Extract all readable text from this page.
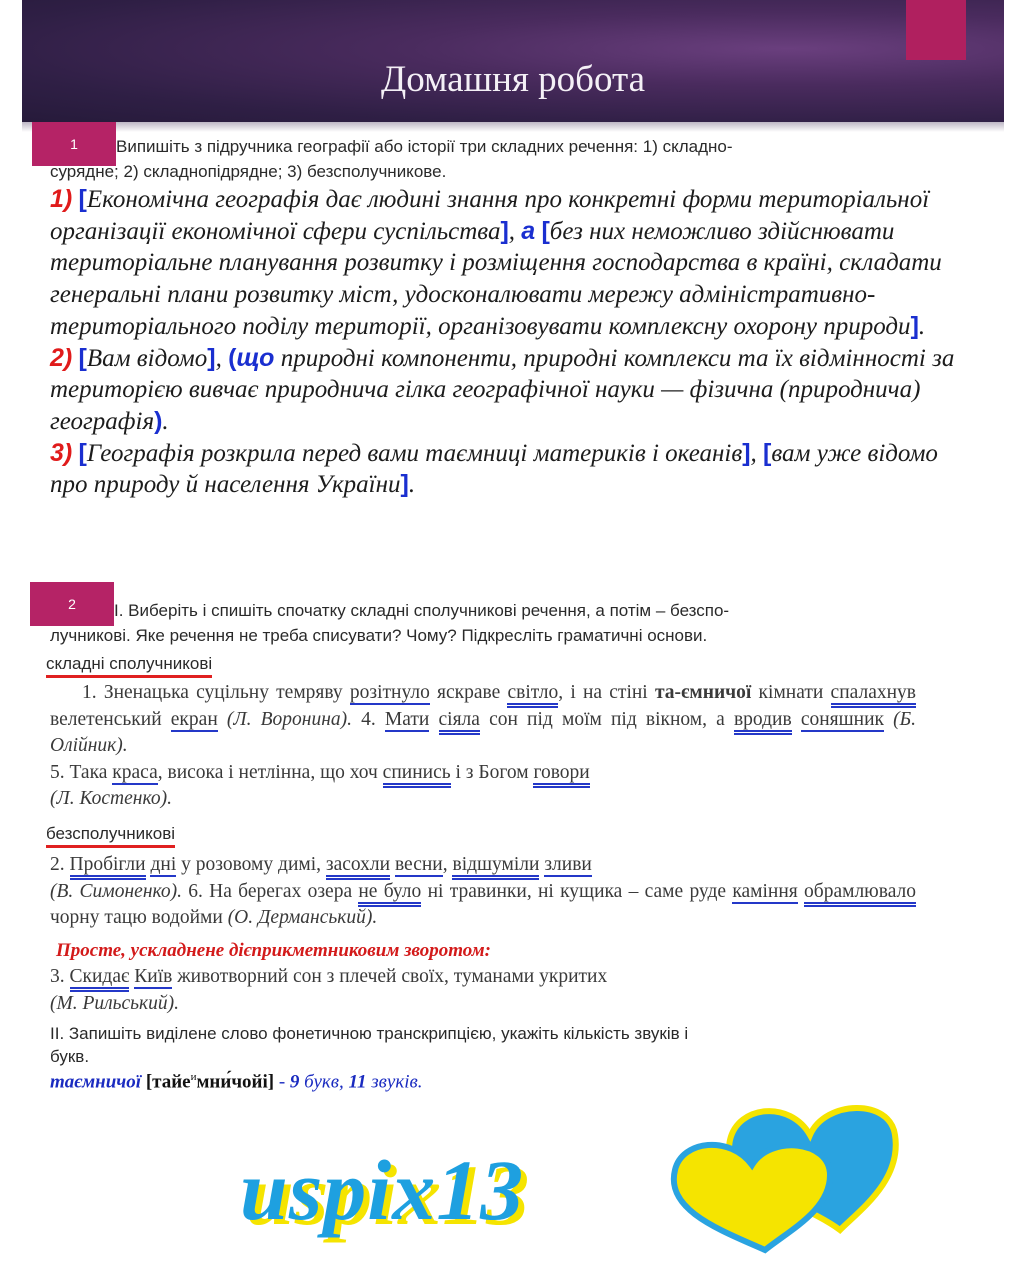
Домашня робота
1	Випишіть з підручника географії або історії три складних речення: 1) складно-
сурядне; 2) складнопідрядне; 3) безсполучникове.
1) [Економічна географія дає людині знання про конкретні форми територіальної організації економічної сфери суспільства], а [без них неможливо здійснювати територіальне планування розвитку і розміщення господарства в країні, складати генеральні плани розвитку міст, удосконалювати мережу адміністративно-територіального поділу території, організовувати комплексну охорону природи].
2) [Вам відомо], (що природні компоненти, природні комплекси та їх відмінності за територією вивчає природнича гілка географічної науки — фізична (природнича) географія).
3) [Географія розкрила перед вами таємниці материків і океанів], [вам уже відомо про природу й населення України].
2	І. Виберіть і спишіть спочатку складні сполучникові речення, а потім – безспо-
лучникові. Яке речення не треба списувати? Чому? Підкресліть граматичні основи.
складні сполучникові
1. Зненацька суцільну темряву розітнуло яскраве світло, і на стіні та-ємничої кімнати спалахнув велетенський екран (Л. Воронина). 4. Мати сіяла сон під моїм під вікном, а вродив соняшник (Б. Олійник).
5. Така краса, висока і нетлінна, що хоч спинись і з Богом говори
(Л. Костенко).
безсполучникові
2. Пробігли дні у розовому димі, засохли весни, відшуміли зливи
(В. Симоненко). 6. На берегах озера не було ні травинки, ні кущика – саме руде каміння обрамлювало чорну тацю водойми (О. Дерманський).
Просте, ускладнене дієприкметниковим зворотом:
3. Скидає Київ животворний сон з плечей своїх, туманами укритих
(М. Рильський).
ІІ. Запишіть виділене слово фонетичною транскрипцією, укажіть кількість звуків і
букв.
таємничої [тайе$^и$мни́чойі] - 9 букв, 11 звуків.
uspix13
